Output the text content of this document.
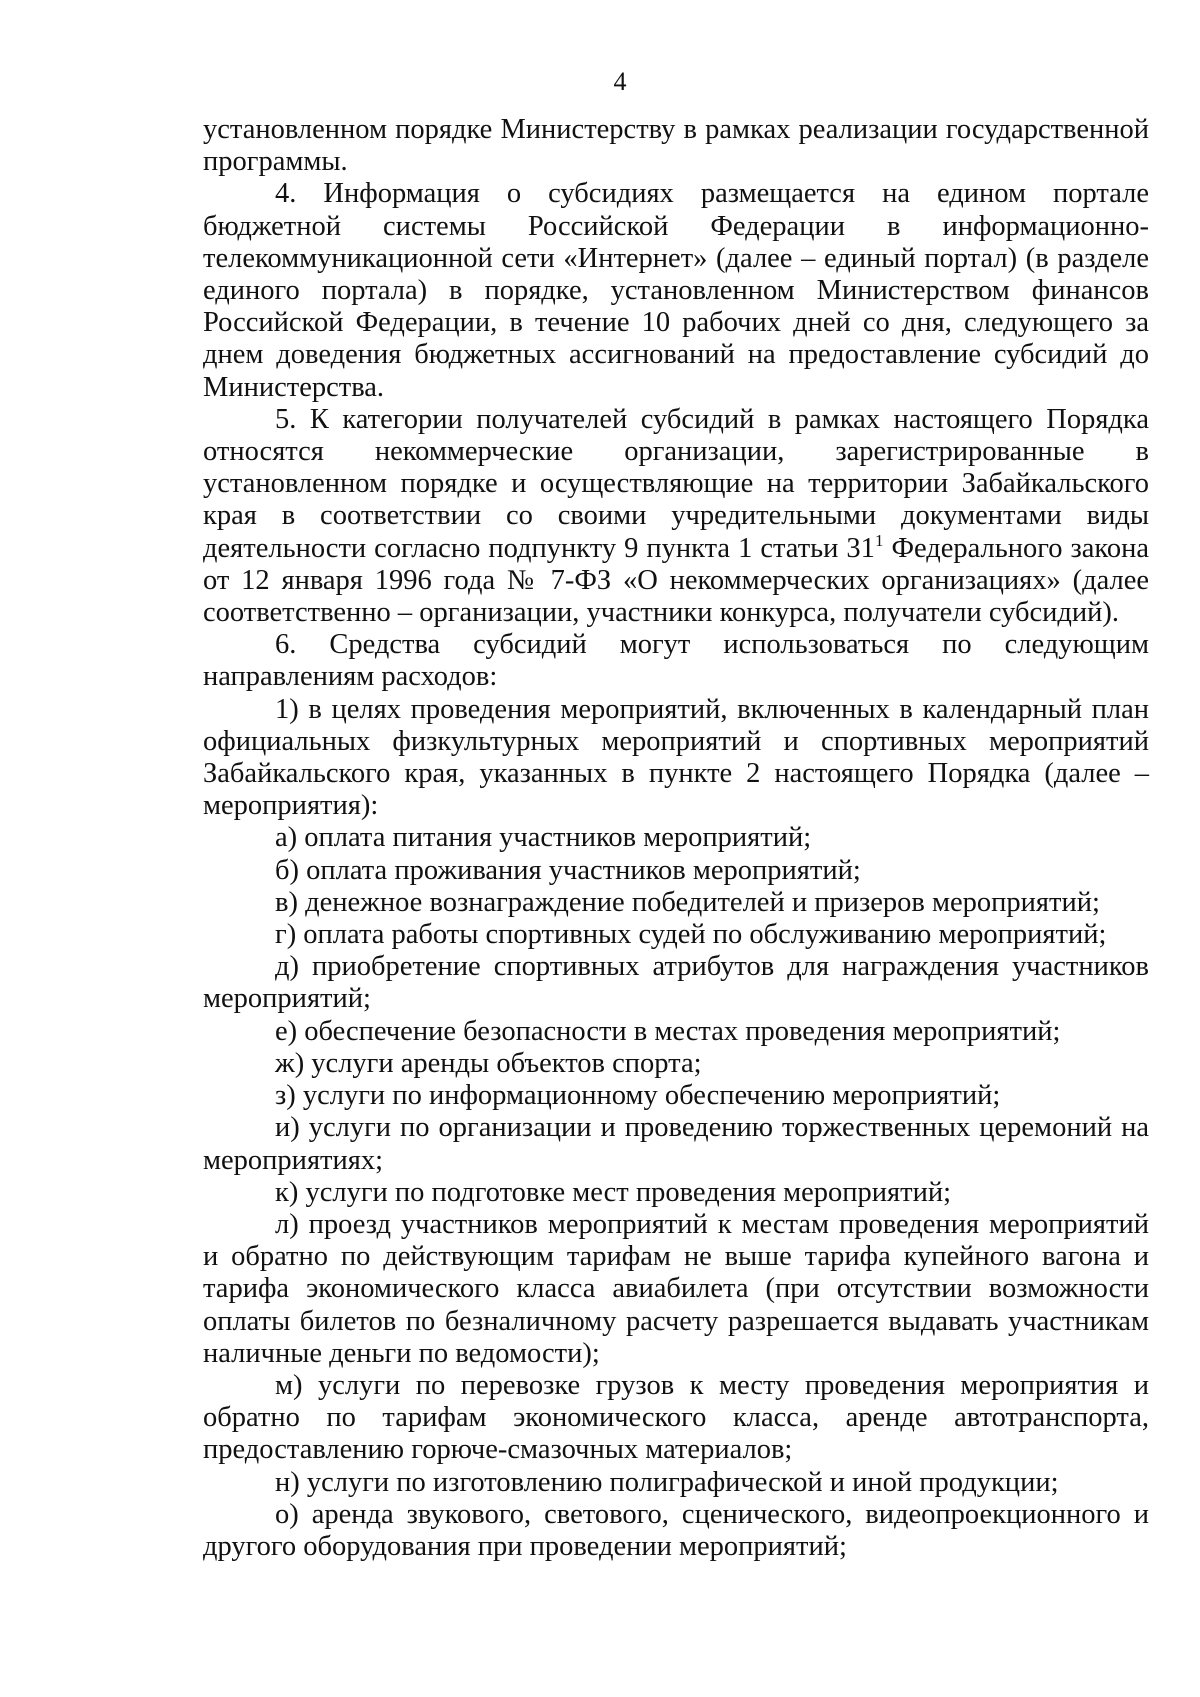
4

установленном порядке Министерству в рамках реализации государственной программы.

4. Информация о субсидиях размещается на едином портале бюджетной системы Российской Федерации в информационно-телекоммуникационной сети «Интернет» (далее – единый портал) (в разделе единого портала) в порядке, установленном Министерством финансов Российской Федерации, в течение 10 рабочих дней со дня, следующего за днем доведения бюджетных ассигнований на предоставление субсидий до Министерства.

5. К категории получателей субсидий в рамках настоящего Порядка относятся некоммерческие организации, зарегистрированные в установленном порядке и осуществляющие на территории Забайкальского края в соответствии со своими учредительными документами виды деятельности согласно подпункту 9 пункта 1 статьи $31^1$ Федерального закона от 12 января 1996 года № 7-ФЗ «О некоммерческих организациях» (далее соответственно – организации, участники конкурса, получатели субсидий).

6. Средства субсидий могут использоваться по следующим направлениям расходов:

1) в целях проведения мероприятий, включенных в календарный план официальных физкультурных мероприятий и спортивных мероприятий Забайкальского края, указанных в пункте 2 настоящего Порядка (далее – мероприятия):

а) оплата питания участников мероприятий;

б) оплата проживания участников мероприятий;

в) денежное вознаграждение победителей и призеров мероприятий;

г) оплата работы спортивных судей по обслуживанию мероприятий;

д) приобретение спортивных атрибутов для награждения участников мероприятий;

е) обеспечение безопасности в местах проведения мероприятий;

ж) услуги аренды объектов спорта;

з) услуги по информационному обеспечению мероприятий;

и) услуги по организации и проведению торжественных церемоний на мероприятиях;

к) услуги по подготовке мест проведения мероприятий;

л) проезд участников мероприятий к местам проведения мероприятий и обратно по действующим тарифам не выше тарифа купейного вагона и тарифа экономического класса авиабилета (при отсутствии возможности оплаты билетов по безналичному расчету разрешается выдавать участникам наличные деньги по ведомости);

м) услуги по перевозке грузов к месту проведения мероприятия и обратно по тарифам экономического класса, аренде автотранспорта, предоставлению горюче-смазочных материалов;

н) услуги по изготовлению полиграфической и иной продукции;

о) аренда звукового, светового, сценического, видеопроекционного и другого оборудования при проведении мероприятий;
